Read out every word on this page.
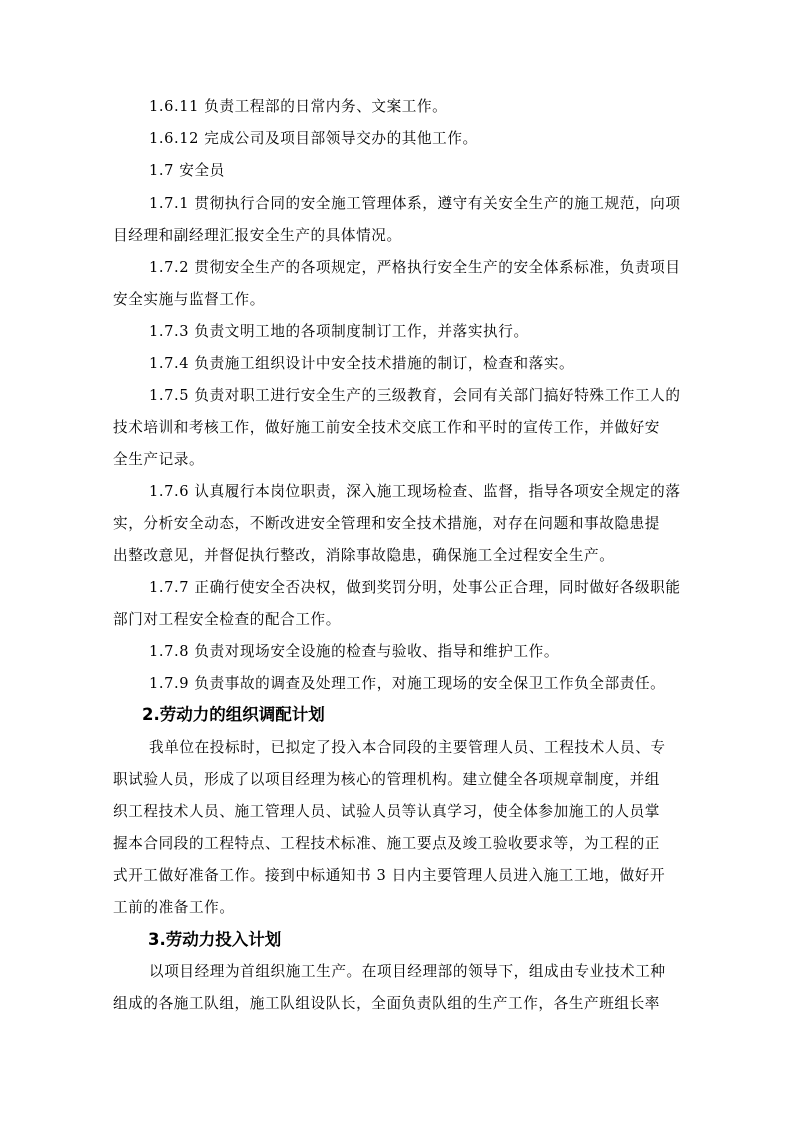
1.6.11 负责工程部的日常内务、文案工作。
1.6.12 完成公司及项目部领导交办的其他工作。
1.7 安全员
1.7.1 贯彻执行合同的安全施工管理体系，遵守有关安全生产的施工规范，向项
目经理和副经理汇报安全生产的具体情况。
1.7.2 贯彻安全生产的各项规定，严格执行安全生产的安全体系标准，负责项目
安全实施与监督工作。
1.7.3 负责文明工地的各项制度制订工作，并落实执行。
1.7.4 负责施工组织设计中安全技术措施的制订，检查和落实。
1.7.5 负责对职工进行安全生产的三级教育，会同有关部门搞好特殊工作工人的
技术培训和考核工作，做好施工前安全技术交底工作和平时的宣传工作，并做好安
全生产记录。
1.7.6 认真履行本岗位职责，深入施工现场检查、监督，指导各项安全规定的落
实，分析安全动态，不断改进安全管理和安全技术措施，对存在问题和事故隐患提
出整改意见，并督促执行整改，消除事故隐患，确保施工全过程安全生产。
1.7.7 正确行使安全否决权，做到奖罚分明，处事公正合理，同时做好各级职能
部门对工程安全检查的配合工作。
1.7.8 负责对现场安全设施的检查与验收、指导和维护工作。
1.7.9 负责事故的调查及处理工作，对施工现场的安全保卫工作负全部责任。
2.劳动力的组织调配计划
我单位在投标时，已拟定了投入本合同段的主要管理人员、工程技术人员、专
职试验人员，形成了以项目经理为核心的管理机构。建立健全各项规章制度，并组
织工程技术人员、施工管理人员、试验人员等认真学习，使全体参加施工的人员掌
握本合同段的工程特点、工程技术标准、施工要点及竣工验收要求等，为工程的正
式开工做好准备工作。接到中标通知书 3 日内主要管理人员进入施工工地，做好开
工前的准备工作。
3.劳动力投入计划
以项目经理为首组织施工生产。在项目经理部的领导下，组成由专业技术工种
组成的各施工队组，施工队组设队长，全面负责队组的生产工作，各生产班组长率
